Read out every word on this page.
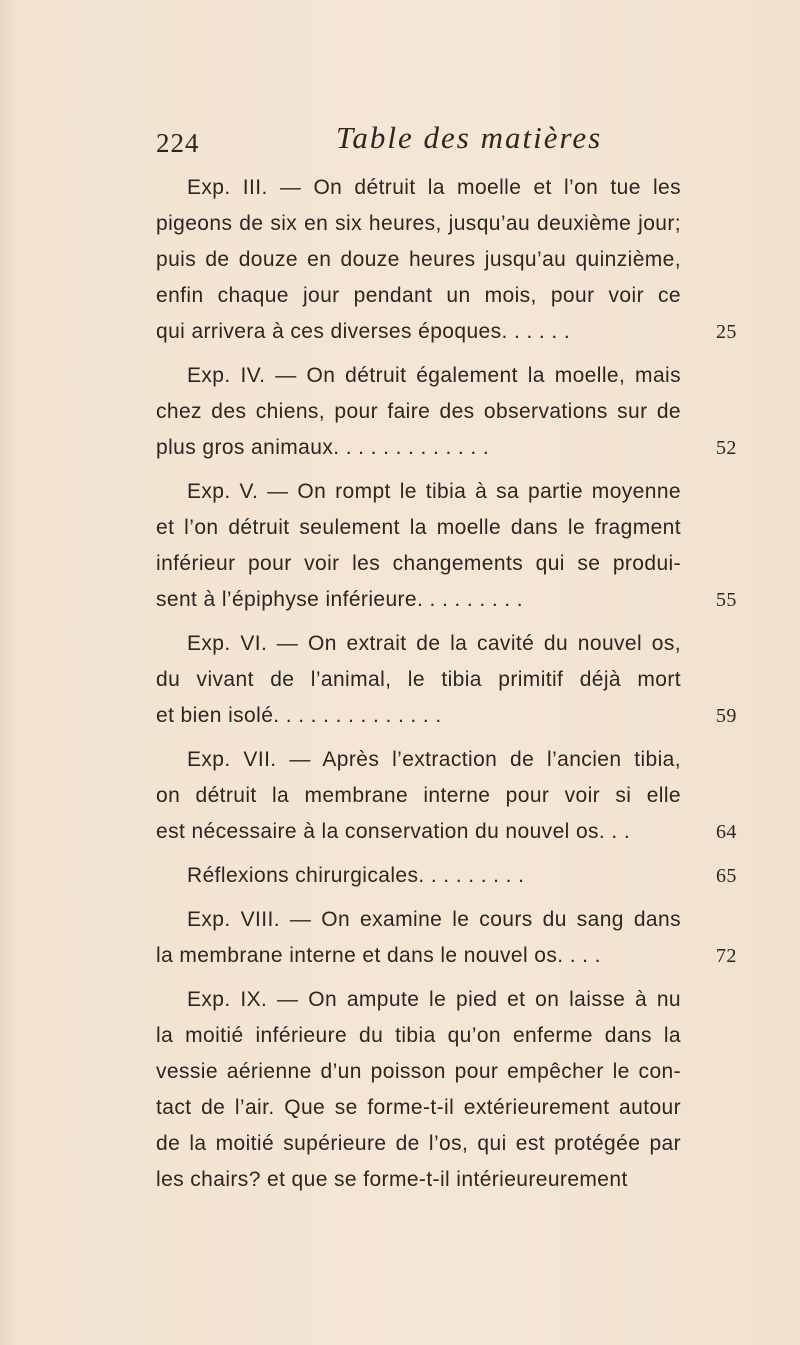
224	Table des matières
Exp. III. — On détruit la moelle et l’on tue les
pigeons de six en six heures, jusqu’au deuxième jour;
puis de douze en douze heures jusqu’au quinzième,
enfin chaque jour pendant un mois, pour voir ce
qui arrivera à ces diverses époques. . . . . .	25
Exp. IV. — On détruit également la moelle, mais
chez des chiens, pour faire des observations sur de
plus gros animaux. . . . . . . . . . . . .	52
Exp. V. — On rompt le tibia à sa partie moyenne
et l’on détruit seulement la moelle dans le fragment
inférieur pour voir les changements qui se produi-
sent à l’épiphyse inférieure. . . . . . . . .	55
Exp. VI. — On extrait de la cavité du nouvel os,
du vivant de l’animal, le tibia primitif déjà mort
et bien isolé. . . . . . . . . . . . . .	59
Exp. VII. — Après l’extraction de l’ancien tibia,
on détruit la membrane interne pour voir si elle
est nécessaire à la conservation du nouvel os. . .	64
Réflexions chirurgicales. . . . . . . . .	65
Exp. VIII. — On examine le cours du sang dans
la membrane interne et dans le nouvel os. . . .	72
Exp. IX. — On ampute le pied et on laisse à nu
la moitié inférieure du tibia qu’on enferme dans la
vessie aérienne d’un poisson pour empêcher le con-
tact de l’air. Que se forme-t-il extérieurement autour
de la moitié supérieure de l’os, qui est protégée par
les chairs? et que se forme-t-il intérieureurement
